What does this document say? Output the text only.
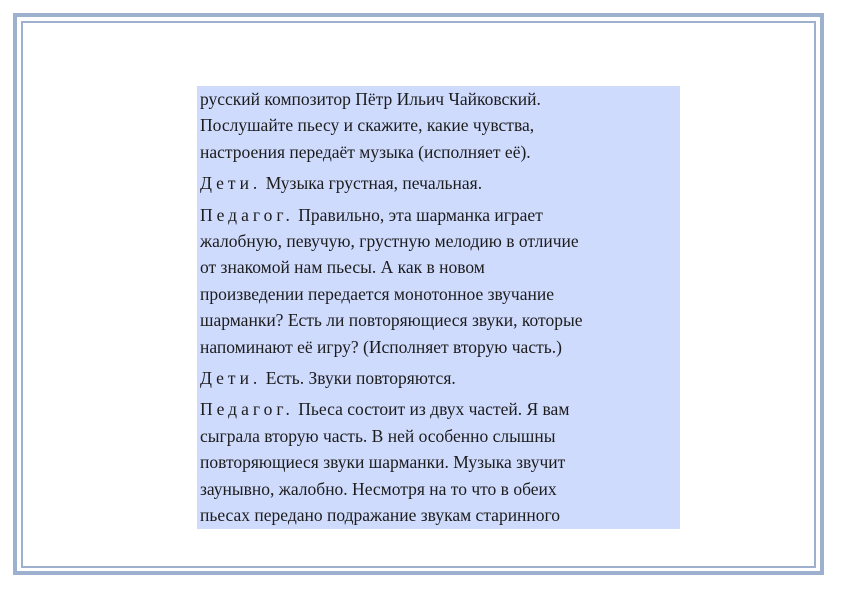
русский композитор Пётр Ильич Чайковский.
Послушайте пьесу и скажите, какие чувства,
настроения передаёт музыка (исполняет её).

Дети. Музыка грустная, печальная.

Педагог. Правильно, эта шарманка играет
жалобную, певучую, грустную мелодию в отличие
от знакомой нам пьесы. А как в новом
произведении передается монотонное звучание
шарманки? Есть ли повторяющиеся звуки, которые
напоминают её игру? (Исполняет вторую часть.)

Дети. Есть. Звуки повторяются.

Педагог. Пьеса состоит из двух частей. Я вам
сыграла вторую часть. В ней особенно слышны
повторяющиеся звуки шарманки. Музыка звучит
заунывно, жалобно. Несмотря на то что в обеих
пьесах передано подражание звукам старинного
